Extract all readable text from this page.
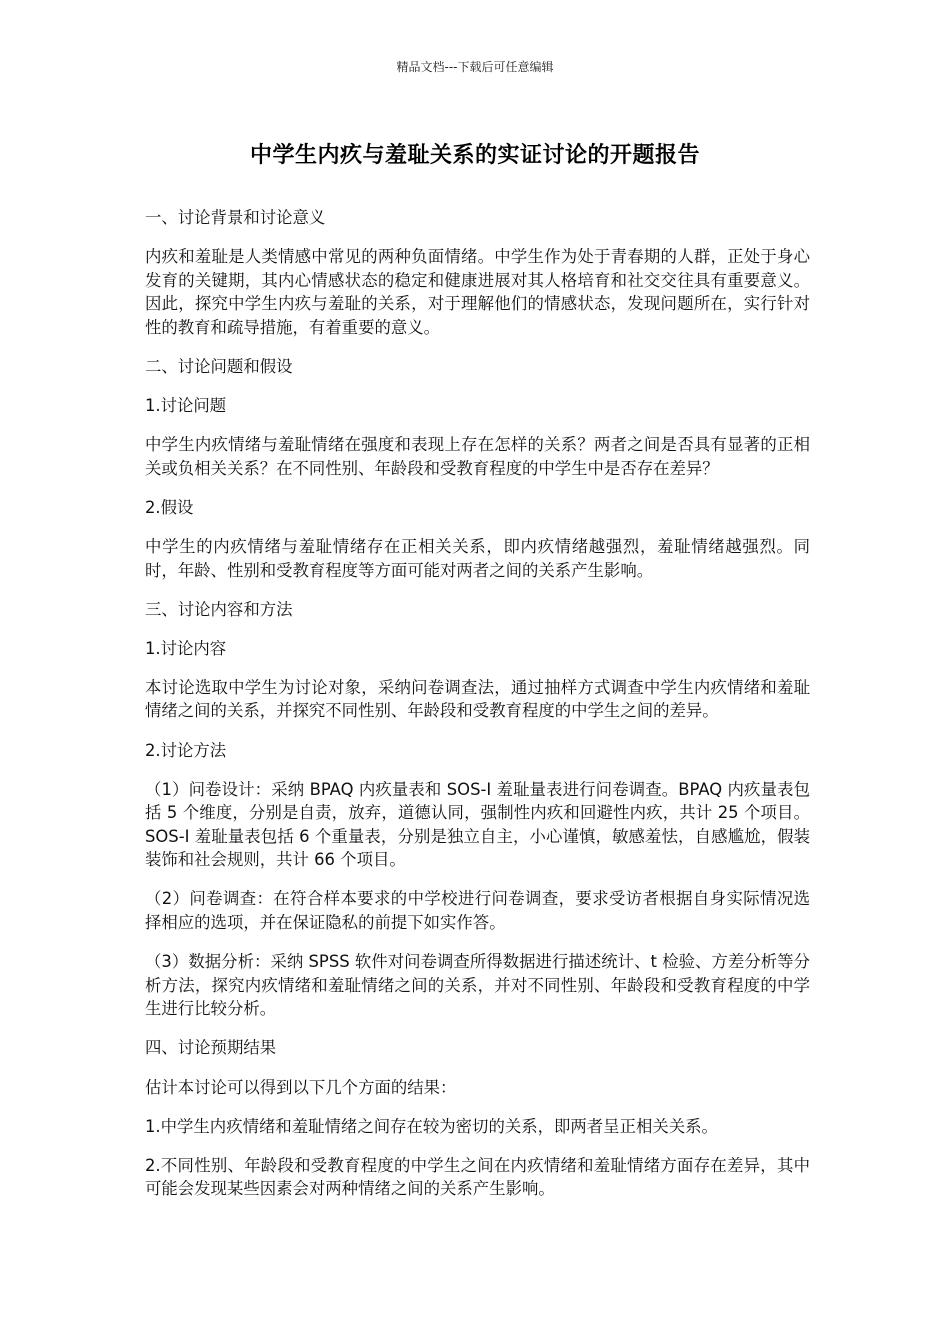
精品文档---下载后可任意编辑
中学生内疚与羞耻关系的实证讨论的开题报告

一、讨论背景和讨论意义

内疚和羞耻是人类情感中常见的两种负面情绪。中学生作为处于青春期的人群，正处于身心发育的关键期，其内心情感状态的稳定和健康进展对其人格培育和社交交往具有重要意义。因此，探究中学生内疚与羞耻的关系，对于理解他们的情感状态，发现问题所在，实行针对性的教育和疏导措施，有着重要的意义。

二、讨论问题和假设

1.讨论问题

中学生内疚情绪与羞耻情绪在强度和表现上存在怎样的关系？两者之间是否具有显著的正相关或负相关关系？在不同性别、年龄段和受教育程度的中学生中是否存在差异？

2.假设

中学生的内疚情绪与羞耻情绪存在正相关关系，即内疚情绪越强烈，羞耻情绪越强烈。同时，年龄、性别和受教育程度等方面可能对两者之间的关系产生影响。

三、讨论内容和方法

1.讨论内容

本讨论选取中学生为讨论对象，采纳问卷调查法，通过抽样方式调查中学生内疚情绪和羞耻情绪之间的关系，并探究不同性别、年龄段和受教育程度的中学生之间的差异。

2.讨论方法

（1）问卷设计：采纳 BPAQ 内疚量表和 SOS-I 羞耻量表进行问卷调查。BPAQ 内疚量表包括 5 个维度，分别是自责，放弃，道德认同，强制性内疚和回避性内疚，共计 25 个项目。SOS-I 羞耻量表包括 6 个重量表，分别是独立自主，小心谨慎，敏感羞怯，自感尴尬，假装装饰和社会规则，共计 66 个项目。

（2）问卷调查：在符合样本要求的中学校进行问卷调查，要求受访者根据自身实际情况选择相应的选项，并在保证隐私的前提下如实作答。

（3）数据分析：采纳 SPSS 软件对问卷调查所得数据进行描述统计、t 检验、方差分析等分析方法，探究内疚情绪和羞耻情绪之间的关系，并对不同性别、年龄段和受教育程度的中学生进行比较分析。

四、讨论预期结果

估计本讨论可以得到以下几个方面的结果：

1.中学生内疚情绪和羞耻情绪之间存在较为密切的关系，即两者呈正相关关系。

2.不同性别、年龄段和受教育程度的中学生之间在内疚情绪和羞耻情绪方面存在差异，其中可能会发现某些因素会对两种情绪之间的关系产生影响。
